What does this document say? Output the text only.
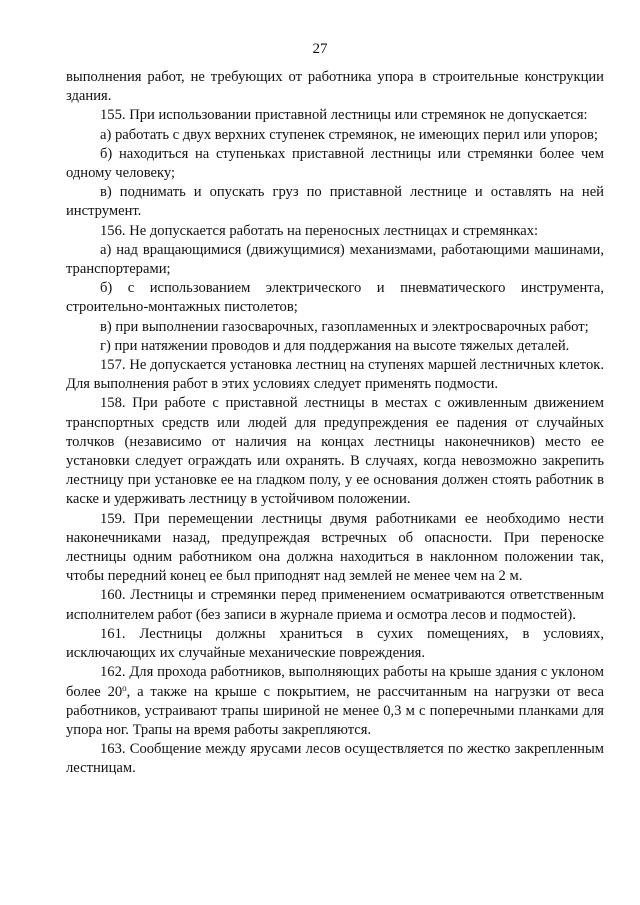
27

выполнения работ, не требующих от работника упора в строительные конструкции здания.

155. При использовании приставной лестницы или стремянок не допускается:

а) работать с двух верхних ступенек стремянок, не имеющих перил или упоров;

б) находиться на ступеньках приставной лестницы или стремянки более чем одному человеку;

в) поднимать и опускать груз по приставной лестнице и оставлять на ней инструмент.

156. Не допускается работать на переносных лестницах и стремянках:

а) над вращающимися (движущимися) механизмами, работающими машинами, транспортерами;

б) с использованием электрического и пневматического инструмента, строительно-монтажных пистолетов;

в) при выполнении газосварочных, газопламенных и электросварочных работ;

г) при натяжении проводов и для поддержания на высоте тяжелых деталей.

157. Не допускается установка лестниц на ступенях маршей лестничных клеток. Для выполнения работ в этих условиях следует применять подмости.

158. При работе с приставной лестницы в местах с оживленным движением транспортных средств или людей для предупреждения ее падения от случайных толчков (независимо от наличия на концах лестницы наконечников) место ее установки следует ограждать или охранять. В случаях, когда невозможно закрепить лестницу при установке ее на гладком полу, у ее основания должен стоять работник в каске и удерживать лестницу в устойчивом положении.

159. При перемещении лестницы двумя работниками ее необходимо нести наконечниками назад, предупреждая встречных об опасности. При переноске лестницы одним работником она должна находиться в наклонном положении так, чтобы передний конец ее был приподнят над землей не менее чем на 2 м.

160. Лестницы и стремянки перед применением осматриваются ответственным исполнителем работ (без записи в журнале приема и осмотра лесов и подмостей).

161. Лестницы должны храниться в сухих помещениях, в условиях, исключающих их случайные механические повреждения.

162. Для прохода работников, выполняющих работы на крыше здания с уклоном более $20^о$, а также на крыше с покрытием, не рассчитанным на нагрузки от веса работников, устраивают трапы шириной не менее 0,3 м с поперечными планками для упора ног. Трапы на время работы закрепляются.

163. Сообщение между ярусами лесов осуществляется по жестко закрепленным лестницам.
